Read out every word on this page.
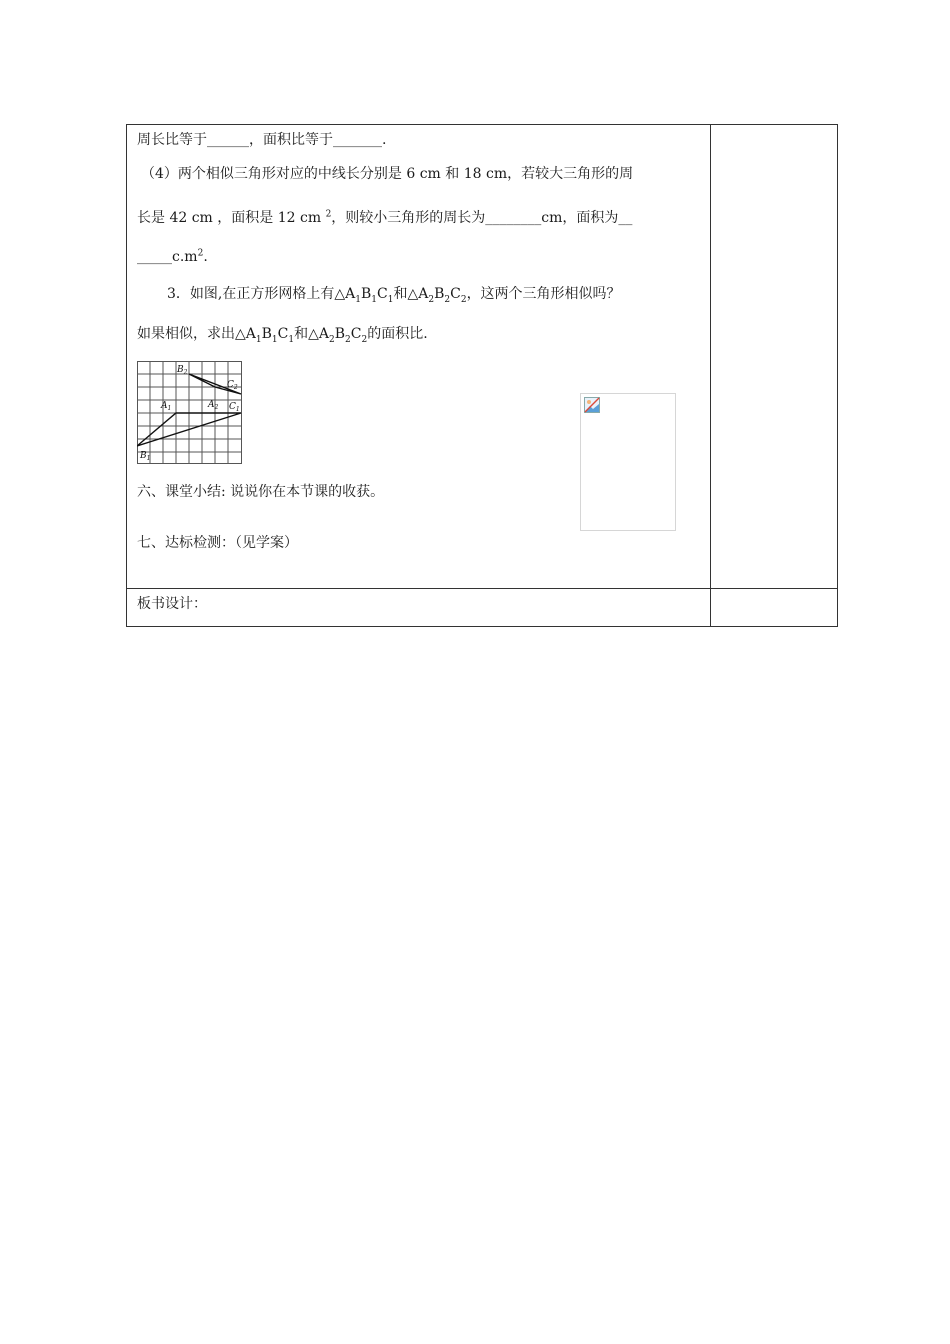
周长比等于______，面积比等于_______.
（4）两个相似三角形对应的中线长分别是 6 cm 和 18 cm，若较大三角形的周
长是 42 cm ，面积是 12 cm $^2$，则较小三角形的周长为________cm，面积为__
$\_\_\_\_\_c.m^2$.
3．如图,在正方形网格上有$\triangle A_1B_1C_1$和$\triangle A_2B_2C_2$，这两个三角形相似吗？
如果相似，求出$\triangle A_1B_1C_1$和$\triangle A_2B_2C_2$的面积比.
$B_2$
$C_2$
$A_1$	$A_2$ $C_1$
$B_1$
六、课堂小结: 说说你在本节课的收获。
七、达标检测：（见学案）
板书设计：
